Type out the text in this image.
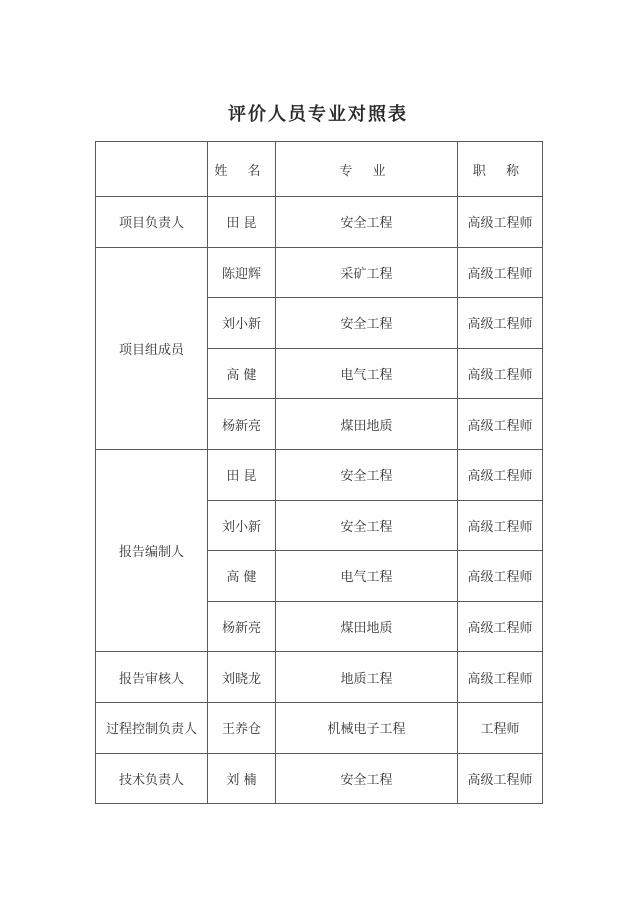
评价人员专业对照表
	姓 名	专 业	职 称
项目负责人	田 昆	安全工程	高级工程师
项目组成员	陈迎辉	采矿工程	高级工程师
	刘小新	安全工程	高级工程师
	高 健	电气工程	高级工程师
	杨新亮	煤田地质	高级工程师
报告编制人	田 昆	安全工程	高级工程师
	刘小新	安全工程	高级工程师
	高 健	电气工程	高级工程师
	杨新亮	煤田地质	高级工程师
报告审核人	刘晓龙	地质工程	高级工程师
过程控制负责人	王养仓	机械电子工程	工程师
技术负责人	刘 楠	安全工程	高级工程师
